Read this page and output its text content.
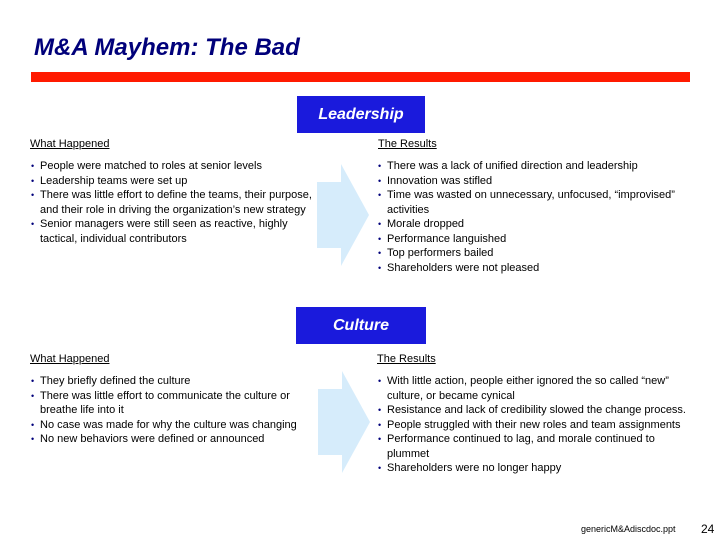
M&A Mayhem: The Bad
Leadership
What Happened	The Results
• People were matched to roles at senior levels
• Leadership teams were set up
• There was little effort to define the teams, their purpose, and their role in driving the organization’s new strategy
• Senior managers were still seen as reactive, highly tactical, individual contributors
• There was a lack of unified direction and leadership
• Innovation was stifled
• Time was wasted on unnecessary, unfocused, “improvised” activities
• Morale dropped
• Performance languished
• Top performers bailed
• Shareholders were not pleased
Culture
What Happened	The Results
• They briefly defined the culture
• There was little effort to communicate the culture or breathe life into it
• No case was made for why the culture was changing
• No new behaviors were defined or announced
• With little action, people either ignored the so called “new” culture, or became cynical
• Resistance and lack of credibility slowed the change process.
• People struggled with their new roles and team assignments
• Performance continued to lag, and morale continued to plummet
• Shareholders were no longer happy
genericM&Adiscdoc.ppt 24
